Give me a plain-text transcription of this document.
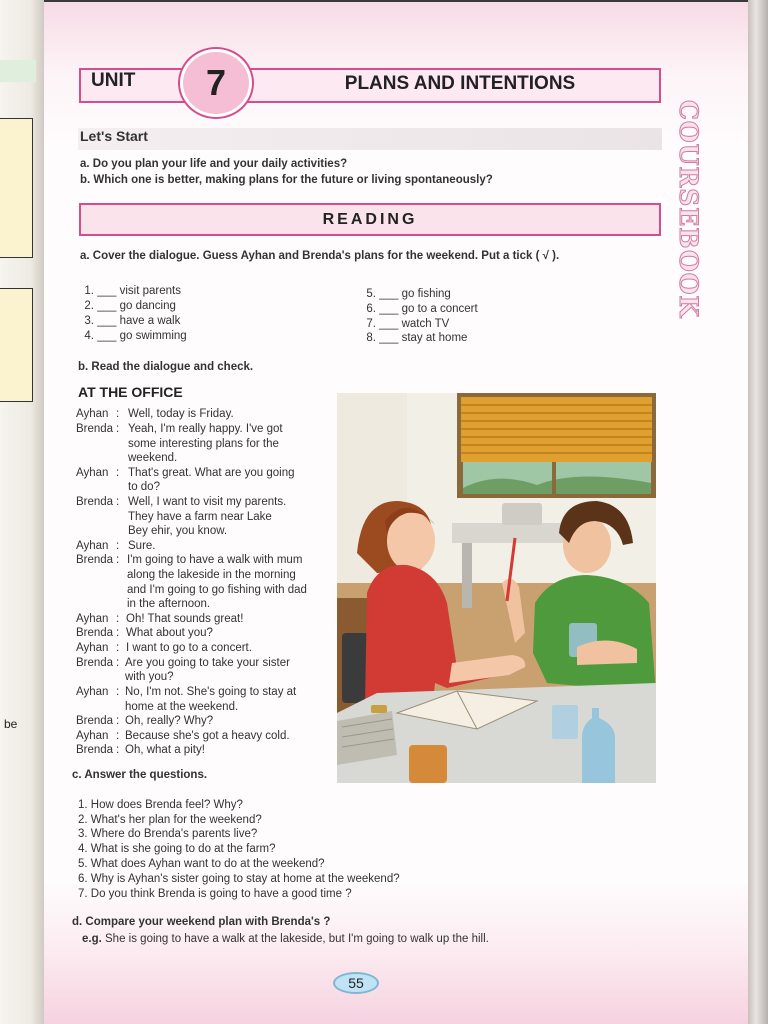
be
UNIT 7	PLANS AND INTENTIONS
COURSEBOOK
Let's Start
a. Do you plan your life and your daily activities?
b. Which one is better, making plans for the future or living spontaneously?
READING
a. Cover the dialogue. Guess Ayhan and Brenda's plans for the weekend. Put a tick ( √ ).
1. ___ visit parents
2. ___ go dancing
3. ___ have a walk
4. ___ go swimming
5. ___ go fishing
6. ___ go to a concert
7. ___ watch TV
8. ___ stay at home
b. Read the dialogue and check.
AT THE OFFICE
Ayhan : Well, today is Friday.
Brenda : Yeah, I'm really happy. I've got
some interesting plans for the
weekend.
Ayhan : That's great. What are you going
to do?
Brenda : Well, I want to visit my parents.
They have a farm near Lake
Bey ehir, you know.
Ayhan : Sure.
Brenda : I'm going to have a walk with mum
along the lakeside in the morning
and I'm going to go fishing with dad
in the afternoon.
Ayhan : Oh! That sounds great!
Brenda : What about you?
Ayhan : I want to go to a concert.
Brenda : Are you going to take your sister
with you?
Ayhan : No, I'm not. She's going to stay at
home at the weekend.
Brenda : Oh, really? Why?
Ayhan : Because she's got a heavy cold.
Brenda : Oh, what a pity!
c. Answer the questions.
1. How does Brenda feel? Why?
2. What's her plan for the weekend?
3. Where do Brenda's parents live?
4. What is she going to do at the farm?
5. What does Ayhan want to do at the weekend?
6. Why is Ayhan's sister going to stay at home at the weekend?
7. Do you think Brenda is going to have a good time ?
d. Compare your weekend plan with Brenda's ?
e.g. She is going to have a walk at the lakeside, but I'm going to walk up the hill.
55
